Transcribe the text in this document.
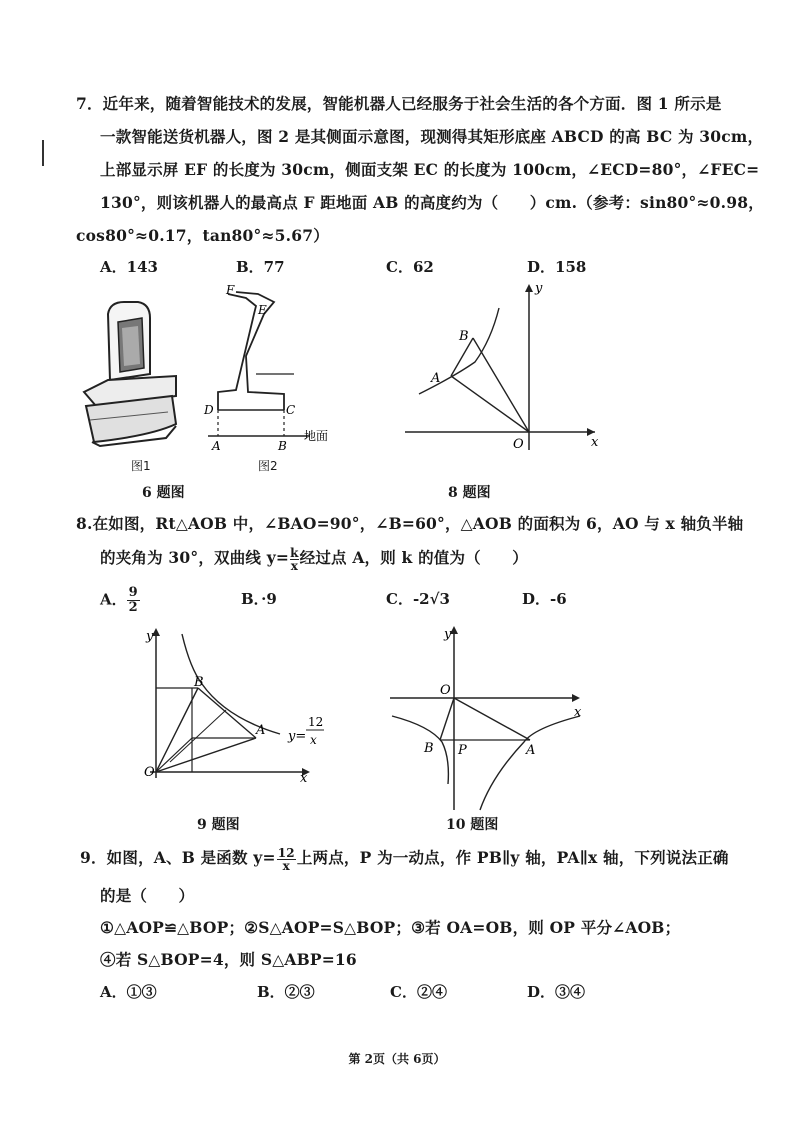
7．近年来，随着智能技术的发展，智能机器人已经服务于社会生活的各个方面．图 1 所示是
一款智能送货机器人，图 2 是其侧面示意图，现测得其矩形底座 ABCD 的高 BC 为 30cm，
上部显示屏 EF 的长度为 30cm，侧面支架 EC 的长度为 100cm，∠ECD=80°，∠FEC=
130°，则该机器人的最高点 F 距地面 AB 的高度约为（　　）cm.（参考：sin80°≈0.98，
cos80°≈0.17，tan80°≈5.67）
A．143	B．77	C．62	D．158
图1
F
E
D	C
A	B
地面
图2
6 题图
y
x
O
B
A
8 题图
8.在如图，Rt△AOB 中，∠BAO=90°，∠B=60°，△AOB 的面积为 6，AO 与 x 轴负半轴
的夹角为 30°，双曲线 $y= \frac{k}{x}$ 经过点 A，则 k 的值为（　　）
A． $\frac{9}{2}$	B．·9	C．-2√3	D．-6
y
x
O
B
A y=
12
x
9 题图
y
x
O
B P	A
10 题图
9．如图，A、B 是函数 $y= \frac{12}{x}$ 上两点，P 为一动点，作 PB∥y 轴，PA∥x 轴，下列说法正确
的是（　　）
①△AOP≌△BOP；②S△AOP=S△BOP；③若 OA=OB，则 OP 平分∠AOB；
④若 S△BOP=4，则 S△ABP=16
A．①③	B．②③	C．②④	D．③④
第 2页（共 6页）
